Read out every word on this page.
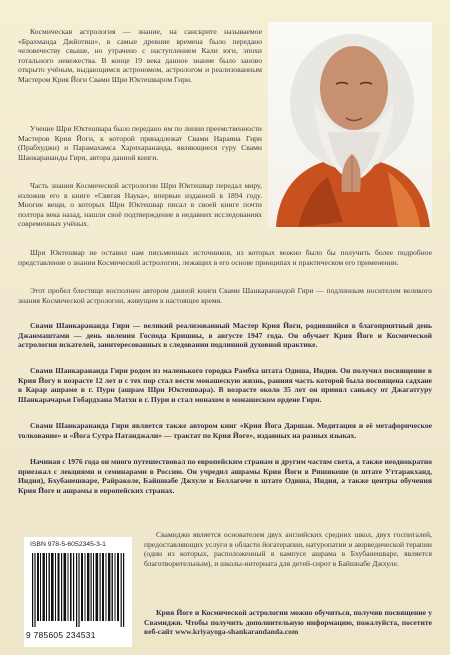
Космическая астрология — знание, на санскрите называемое «Брахманда Джйотиш», в самые древние времена было передано человечеству свыше, но утрачено с наступлением Кали юги, эпохи тотального невежества. В конце 19 века данное знание было заново открыто учёным, выдающимся астрономом, астрологом и реализованным Мастером Крия Йоги Свами Шри Юктешваром Гири.

Учение Шри Юктешвара было передано им по линии преемственности Мастеров Крия Йоги, к которой принадлежат Свами Нараяна Гири (Прабхуджи) и Парамахамса Харихарананда, являющиеся гуру Свами Шанкарананды Гири, автора данной книги.

Часть знания Космической астрологии Шри Юктешвар передал миру, изложив его в книге «Святая Наука», впервые изданной в 1894 году. Многие вещи, о которых Шри Юктешвар писал в своей книге почти полтора века назад, нашли своё подтверждение в недавних исследованиях современных учёных.

Шри Юктешвар не оставил нам письменных источников, из которых можно было бы получить более подробное представление о знании Космической астрологии, лежащих в его основе принципах и практическом его применении.

Этот пробел блестяще восполнен автором данной книги Свами Шанкаранандой Гири — подлинным носителем великого знания Космической астрологии, живущим в настоящее время.

Свами Шанкарананда Гири — великий реализованный Мастер Крия Йоги, родившийся в благоприятный день Джанмаштами — день явления Господа Кришны, в августе 1947 года. Он обучает Крия Йоге и Космической астрологии искателей, заинтересованных в следовании подлинной духовной практике.

Свами Шанкарананда Гири родом из маленького городка Рамбха штата Одиша, Индия. Он получил посвящение в Крия Йогу в возрасте 12 лет и с тех пор стал вести монашескую жизнь, ранняя часть которой была посвящена садхане в Карар ашраме в г. Пури (ашрам Шри Юктешвара). В возрасте около 35 лет он принял саньясу от Джагатгуру Шанкарачарьи Гобардхана Матхи в г. Пури и стал монахом в монашеском ордене Гири.

Свами Шанкарананда Гири является также автором книг «Крия Йога Даршан. Медитация и её метафорическое толкование» и «Йога Сутра Патанджали» — трактат по Крия Йоге», изданных на разных языках.

Начиная с 1976 года он много путешествовал по европейским странам и другим частям света, а также неоднократно приезжал с лекциями и семинарами в Россию. Он учредил ашрамы Крия Йоги в Ришикеше (в штате Уттаракханд, Индия), Бхубанешваре, Райраколе, Байшнабе Джхуле и Беллагоче в штате Одиша, Индия, а также центры обучения Крия Йоге и ашрамы в европейских странах.

Свамиджи является основателем двух английских средних школ, двух госпиталей, предоставляющих услуги в области йогатерапии, натуропатии и аюрведической терапии (один из которых, расположенный в кампусе ашрама в Бхубанешваре, является благотворительным), и школы-интерната для детей-сирот в Байшнабе Джхуле.

Крия Йоге и Космической астрологии можно обучиться, получив посвящение у Свамиджи. Чтобы получить дополнительную информацию, пожалуйста, посетите веб-сайт www.kriyayoga-shankarandanda.com

ISBN 978-5-6052345-3-1
9 785605 234531
